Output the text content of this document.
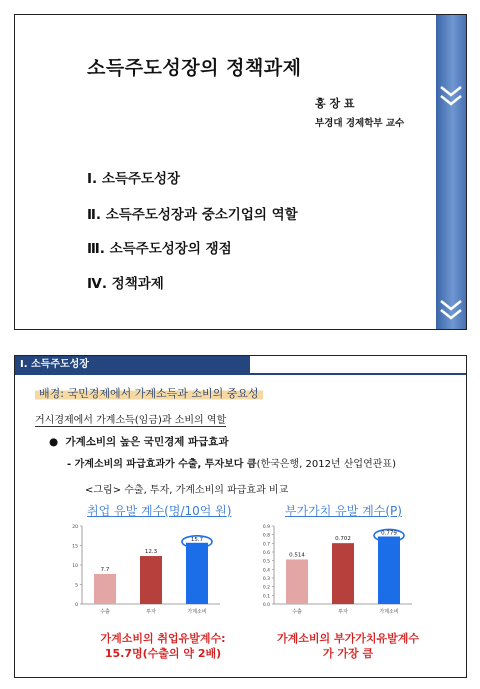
소득주도성장의 정책과제
홍 장 표
부경대 경제학부 교수
Ⅰ. 소득주도성장
Ⅱ. 소득주도성장과 중소기업의 역할
Ⅲ. 소득주도성장의 쟁점
Ⅳ. 정책과제
Ⅰ. 소득주도성장
배경: 국민경제에서 가계소득과 소비의 중요성
거시경제에서 가계소득(임금)과 소비의 역할
●  가계소비의 높은 국민경제 파급효과
- 가계소비의 파급효과가 수출, 투자보다 큼(한국은행, 2012년 산업연관표)
<그림> 수출, 투자, 가계소비의 파급효과 비교
취업 유발 계수(명/10억 원)	부가가치 유발 계수(P)
0
5
10
15
20
7.7
수출
12.3
투자
15.7
가계소비
0.0
0.1
0.2
0.3
0.4
0.5
0.6
0.7
0.8
0.9
0.514
수출
0.702
투자
0.779
가계소비
가계소비의 취업유발계수:
15.7명(수출의 약 2배)
가계소비의 부가가치유발계수
가 가장 큼
